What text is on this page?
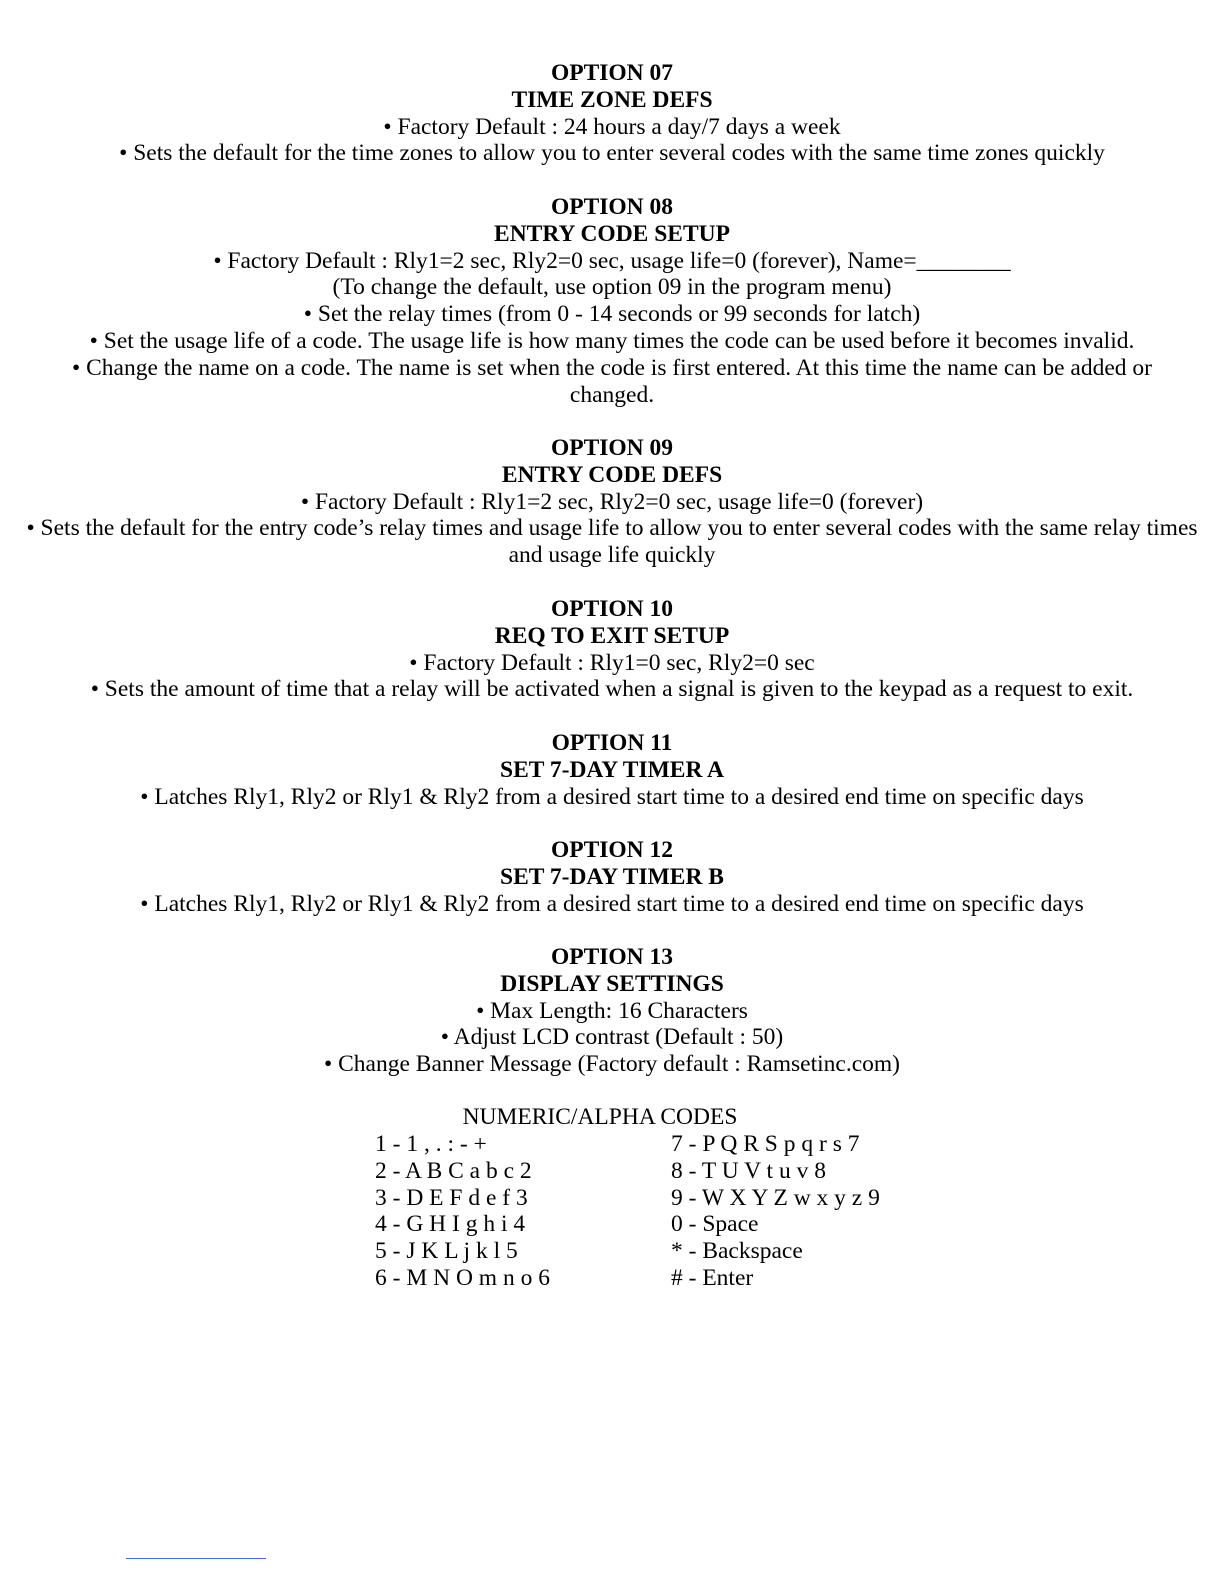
OPTION 07
TIME ZONE DEFS
• Factory Default : 24 hours a day/7 days a week
• Sets the default for the time zones to allow you to enter several codes with the same time zones quickly
OPTION 08
ENTRY CODE SETUP
• Factory Default : Rly1=2 sec, Rly2=0 sec, usage life=0 (forever), Name=________
(To change the default, use option 09 in the program menu)
• Set the relay times (from 0 - 14 seconds or 99 seconds for latch)
• Set the usage life of a code. The usage life is how many times the code can be used before it becomes invalid.
• Change the name on a code. The name is set when the code is first entered. At this time the name can be added or changed.
OPTION 09
ENTRY CODE DEFS
• Factory Default : Rly1=2 sec, Rly2=0 sec, usage life=0 (forever)
• Sets the default for the entry code’s relay times and usage life to allow you to enter several codes with the same relay times and usage life quickly
OPTION 10
REQ TO EXIT SETUP
• Factory Default : Rly1=0 sec, Rly2=0 sec
• Sets the amount of time that a relay will be activated when a signal is given to the keypad as a request to exit.
OPTION 11
SET 7-DAY TIMER A
• Latches Rly1, Rly2 or Rly1 & Rly2 from a desired start time to a desired end time on specific days
OPTION 12
SET 7-DAY TIMER B
• Latches Rly1, Rly2 or Rly1 & Rly2 from a desired start time to a desired end time on specific days
OPTION 13
DISPLAY SETTINGS
• Max Length: 16 Characters
• Adjust LCD contrast (Default : 50)
• Change Banner Message (Factory default : Ramsetinc.com)
NUMERIC/ALPHA CODES
1 - 1 , . : - +
2 - A B C a b c 2
3 - D E F d e f 3
4 - G H I g h i 4
5 - J K L j k l 5
6 - M N O m n o 6
7 - P Q R S p q r s 7
8 - T U V t u v 8
9 - W X Y Z w x y z 9
0 - Space
* - Backspace
# - Enter
